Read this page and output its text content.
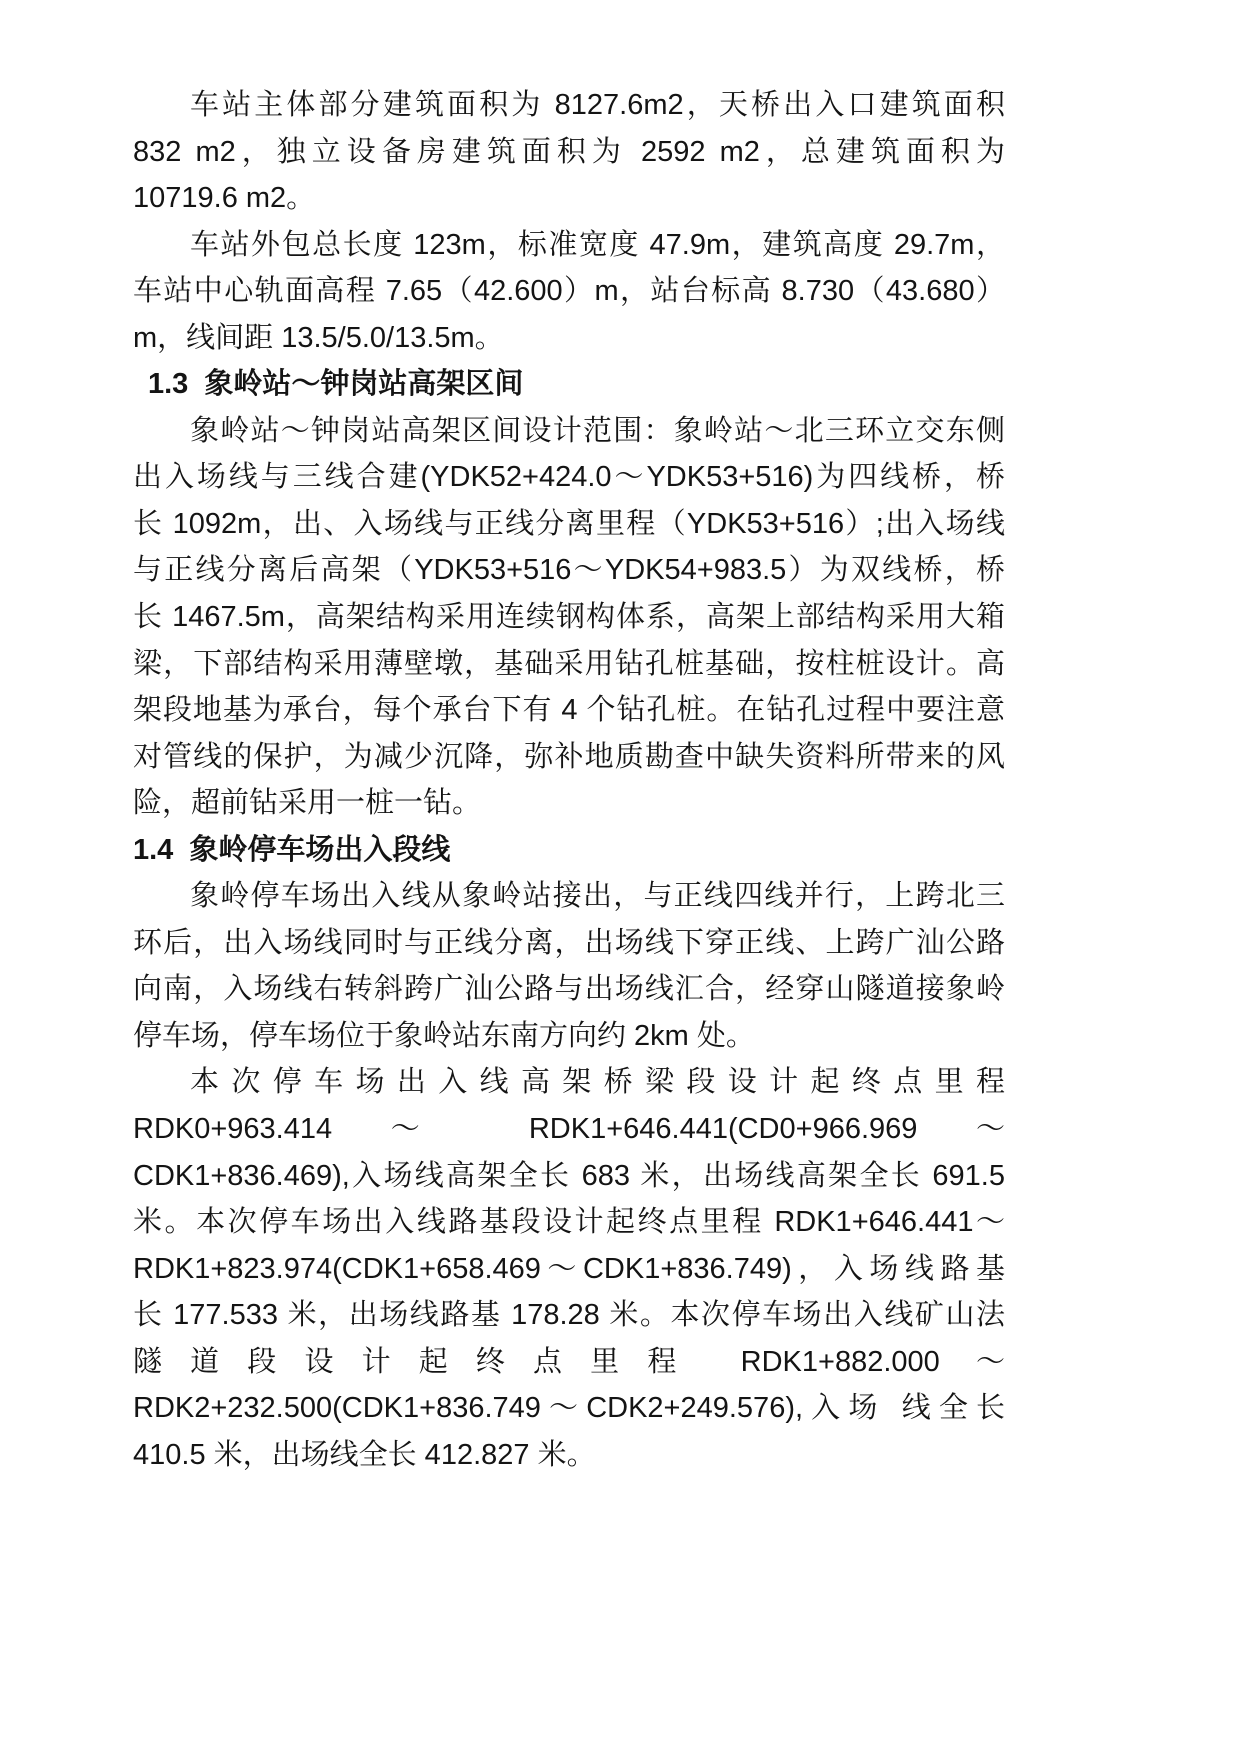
车站主体部分建筑面积为 8127.6m2，天桥出入口建筑面积
832 m2，独立设备房建筑面积为 2592 m2，总建筑面积为
10719.6 m2。
车站外包总长度 123m，标准宽度 47.9m，建筑高度 29.7m，
车站中心轨面高程 7.65（42.600）m，站台标高 8.730（43.680）
m，线间距 13.5/5.0/13.5m。
1.3 象岭站～钟岗站高架区间
象岭站～钟岗站高架区间设计范围：象岭站～北三环立交东侧
出入场线与三线合建(YDK52+424.0～YDK53+516)为四线桥，桥
长 1092m，出、入场线与正线分离里程（YDK53+516）;出入场线
与正线分离后高架（YDK53+516～YDK54+983.5）为双线桥，桥
长 1467.5m，高架结构采用连续钢构体系，高架上部结构采用大箱
梁，下部结构采用薄壁墩，基础采用钻孔桩基础，按柱桩设计。高
架段地基为承台，每个承台下有 4 个钻孔桩。在钻孔过程中要注意
对管线的保护，为减少沉降，弥补地质勘查中缺失资料所带来的风
险，超前钻采用一桩一钻。
1.4 象岭停车场出入段线
象岭停车场出入线从象岭站接出，与正线四线并行，上跨北三
环后，出入场线同时与正线分离，出场线下穿正线、上跨广汕公路
向南，入场线右转斜跨广汕公路与出场线汇合，经穿山隧道接象岭
停车场，停车场位于象岭站东南方向约 2km 处。
本次停车场出入线高架桥梁段设计起终点里程
RDK0+963.414 ～ RDK1+646.441(CD0+966.969 ～
CDK1+836.469),入场线高架全长 683 米，出场线高架全长 691.5
米。本次停车场出入线路基段设计起终点里程 RDK1+646.441～
RDK1+823.974(CDK1+658.469～CDK1+836.749)，入场线路基
长 177.533 米，出场线路基 178.28 米。本次停车场出入线矿山法
隧道段设计起终点里程 RDK1+882.000 ～
RDK2+232.500(CDK1+836.749～CDK2+249.576),入场 线全长
410.5 米，出场线全长 412.827 米。
